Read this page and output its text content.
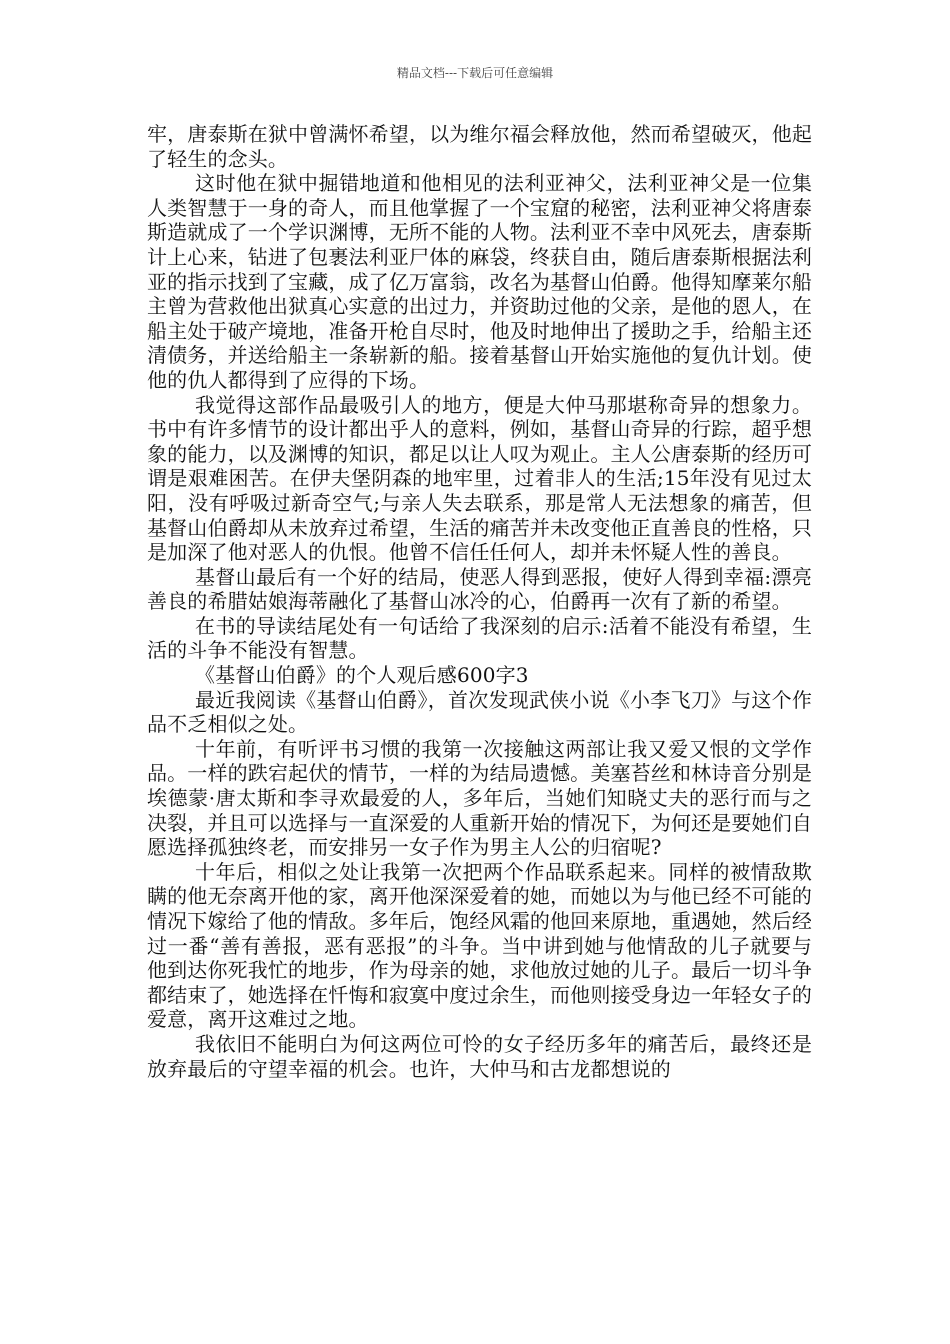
精品文档---下载后可任意编辑

牢，唐泰斯在狱中曾满怀希望，以为维尔福会释放他，然而希望破灭，他起了轻生的念头。

这时他在狱中掘错地道和他相见的法利亚神父，法利亚神父是一位集人类智慧于一身的奇人，而且他掌握了一个宝窟的秘密，法利亚神父将唐泰斯造就成了一个学识渊博，无所不能的人物。法利亚不幸中风死去，唐泰斯计上心来，钻进了包裹法利亚尸体的麻袋，终获自由，随后唐泰斯根据法利亚的指示找到了宝藏，成了亿万富翁，改名为基督山伯爵。他得知摩莱尔船主曾为营救他出狱真心实意的出过力，并资助过他的父亲，是他的恩人，在船主处于破产境地，准备开枪自尽时，他及时地伸出了援助之手，给船主还清债务，并送给船主一条崭新的船。接着基督山开始实施他的复仇计划。使他的仇人都得到了应得的下场。

我觉得这部作品最吸引人的地方，便是大仲马那堪称奇异的想象力。书中有许多情节的设计都出乎人的意料，例如，基督山奇异的行踪，超乎想象的能力，以及渊博的知识，都足以让人叹为观止。主人公唐泰斯的经历可谓是艰难困苦。在伊夫堡阴森的地牢里，过着非人的生活;15年没有见过太阳，没有呼吸过新奇空气;与亲人失去联系，那是常人无法想象的痛苦，但基督山伯爵却从未放弃过希望，生活的痛苦并未改变他正直善良的性格，只是加深了他对恶人的仇恨。他曾不信任任何人，却并未怀疑人性的善良。

基督山最后有一个好的结局，使恶人得到恶报，使好人得到幸福:漂亮善良的希腊姑娘海蒂融化了基督山冰冷的心，伯爵再一次有了新的希望。

在书的导读结尾处有一句话给了我深刻的启示:活着不能没有希望，生活的斗争不能没有智慧。

《基督山伯爵》的个人观后感600字3

最近我阅读《基督山伯爵》，首次发现武侠小说《小李飞刀》与这个作品不乏相似之处。

十年前，有听评书习惯的我第一次接触这两部让我又爱又恨的文学作品。一样的跌宕起伏的情节，一样的为结局遗憾。美塞苔丝和林诗音分别是埃德蒙·唐太斯和李寻欢最爱的人，多年后，当她们知晓丈夫的恶行而与之决裂，并且可以选择与一直深爱的人重新开始的情况下，为何还是要她们自愿选择孤独终老，而安排另一女子作为男主人公的归宿呢?

十年后，相似之处让我第一次把两个作品联系起来。同样的被情敌欺瞒的他无奈离开他的家，离开他深深爱着的她，而她以为与他已经不可能的情况下嫁给了他的情敌。多年后，饱经风霜的他回来原地，重遇她，然后经过一番“善有善报，恶有恶报”的斗争。当中讲到她与他情敌的儿子就要与他到达你死我忙的地步，作为母亲的她，求他放过她的儿子。最后一切斗争都结束了，她选择在忏悔和寂寞中度过余生，而他则接受身边一年轻女子的爱意，离开这难过之地。

我依旧不能明白为何这两位可怜的女子经历多年的痛苦后，最终还是放弃最后的守望幸福的机会。也许，大仲马和古龙都想说的
